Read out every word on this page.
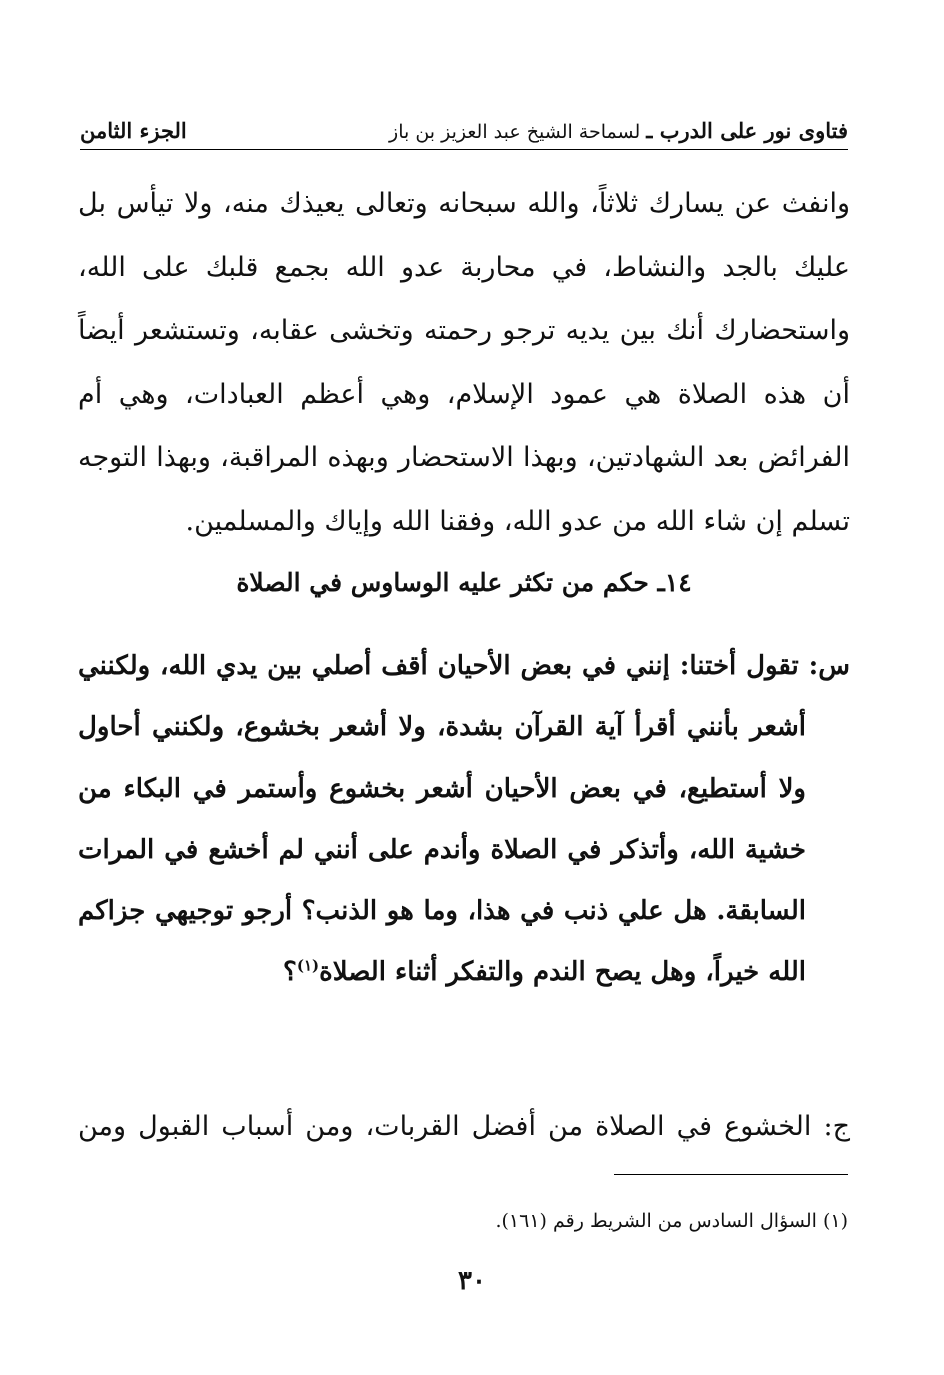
فتاوى نور على الدرب ـ
لسماحة الشيخ عبد العزيز بن باز
الجزء الثامن

وانفث عن يسارك ثلاثاً، والله سبحانه وتعالى يعيذك منه، ولا تيأس بل عليك بالجد والنشاط، في محاربة عدو الله بجمع قلبك على الله، واستحضارك أنك بين يديه ترجو رحمته وتخشى عقابه، وتستشعر أيضاً أن هذه الصلاة هي عمود الإسلام، وهي أعظم العبادات، وهي أم الفرائض بعد الشهادتين، وبهذا الاستحضار وبهذه المراقبة، وبهذا التوجه تسلم إن شاء الله من عدو الله، وفقنا الله وإياك والمسلمين.

١٤ـ حكم من تكثر عليه الوساوس في الصلاة

س: تقول أختنا: إنني في بعض الأحيان أقف أصلي بين يدي الله، ولكنني أشعر بأنني أقرأ آية القرآن بشدة، ولا أشعر بخشوع، ولكنني أحاول ولا أستطيع، في بعض الأحيان أشعر بخشوع وأستمر في البكاء من خشية الله، وأتذكر في الصلاة وأندم على أنني لم أخشع في المرات السابقة. هل علي ذنب في هذا، وما هو الذنب؟ أرجو توجيهي جزاكم الله خيراً، وهل يصح الندم والتفكر أثناء الصلاة$^{(١)}$؟

ج: الخشوع في الصلاة من أفضل القربات، ومن أسباب القبول ومن

(١) السؤال السادس من الشريط رقم (١٦١).

٣٠
